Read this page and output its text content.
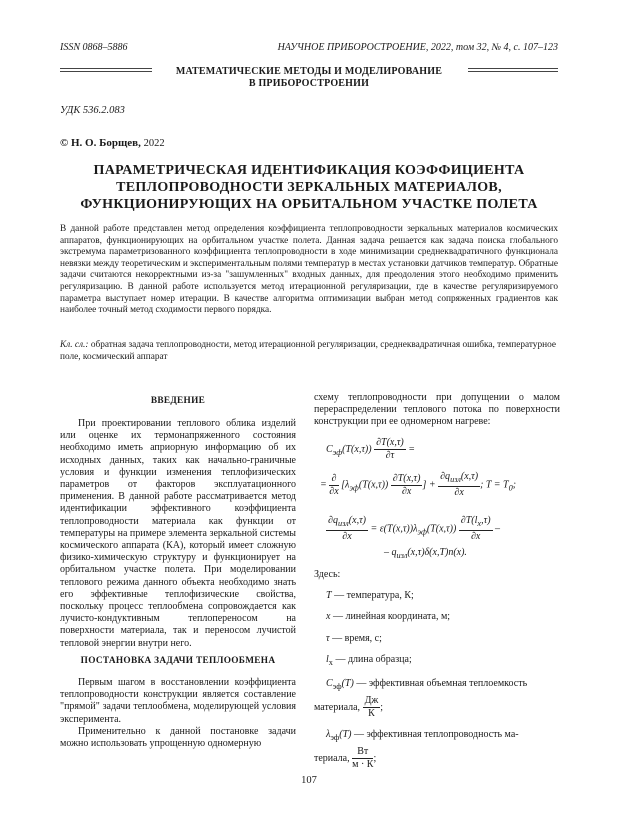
ISSN 0868–5886	НАУЧНОЕ ПРИБОРОСТРОЕНИЕ, 2022, том 32, № 4, с. 107–123
МАТЕМАТИЧЕСКИЕ МЕТОДЫ И МОДЕЛИРОВАНИЕ
В ПРИБОРОСТРОЕНИИ
УДК 536.2.083
© Н. О. Борщев, 2022
ПАРАМЕТРИЧЕСКАЯ ИДЕНТИФИКАЦИЯ КОЭФФИЦИЕНТА
ТЕПЛОПРОВОДНОСТИ ЗЕРКАЛЬНЫХ МАТЕРИАЛОВ,
ФУНКЦИОНИРУЮЩИХ НА ОРБИТАЛЬНОМ УЧАСТКЕ ПОЛЕТА
В данной работе представлен метод определения коэффициента теплопроводности зеркальных материалов космических аппаратов, функционирующих на орбитальном участке полета. Данная задача решается как задача поиска глобального экстремума параметризованного коэффициента теплопроводности в ходе минимизации среднеквадратичного функционала невязки между теоретическим и экспериментальным полями температур в местах установки датчиков температур. Обратные задачи считаются некорректными из-за "зашумленных" входных данных, для преодоления этого необходимо применить регуляризацию. В данной работе используется метод итерационной регуляризации, где в качестве регуляризируемого параметра выступает номер итерации. В качестве алгоритма оптимизации выбран метод сопряженных градиентов как наиболее точный метод сходимости первого порядка.
Кл. сл.: обратная задача теплопроводности, метод итерационной регуляризации, среднеквадратичная ошибка, температурное поле, космический аппарат
ВВЕДЕНИЕ

При проектировании теплового облика изделий или оценке их термонапряженного состояния необходимо иметь априорную информацию об их исходных данных, таких как начально-граничные условия и функции изменения теплофизических параметров от факторов эксплуатационного применения. В данной работе рассматривается метод идентификации эффективного коэффициента теплопроводности материала как функции от температуры на примере элемента зеркальной системы космического аппарата (КА), который имеет сложную физико-химическую структуру и функционирует на орбитальном участке полета. При моделировании теплового режима данного объекта необходимо знать его эффективные теплофизические свойства, поскольку процесс теплообмена сопровождается как лучисто-кондуктивным теплопереносом на поверхности материала, так и переносом лучистой тепловой энергии внутри него.

ПОСТАНОВКА ЗАДАЧИ ТЕПЛООБМЕНА

Первым шагом в восстановлении коэффициента теплопроводности конструкции является составление "прямой" задачи теплообмена, моделирующей условия эксперимента.

Применительно к данной постановке задачи можно использовать упрощенную одномерную

схему теплопроводности при допущении о малом перераспределении теплового потока по поверхности конструкции при ее одномерном нагреве:
$C_{эф}(T(x,\tau)) \frac{\partial T(x,\tau)}{\partial\tau}$ =
= $\frac{\partial}{\partial x} [\lambda_{эф}(T(x,\tau)) \frac{\partial T(x,\tau)}{\partial x}$ ] + $\frac{\partial q_{изл}(x,\tau)}{\partial x}$ ; $T = T_0$;
$\frac{\partial q_{изл}(x,\tau)}{\partial x} = \varepsilon(T(x,\tau))\lambda_{эф}(T(x,\tau)) \frac{\partial T(l_x,\tau)}{\partial x}$ –
– $q_{изл}(x,\tau)\delta(x,T)n(x)$.
Здесь:
T — температура, К;
x — линейная координата, м;
τ — время, с;
$l_x$ — длина образца;
$C_{эф}(T)$ — эффективная объемная теплоемкость
материала, $\frac{Дж}{К}$ ;
$\lambda_{эф}(T)$ — эффективная теплопроводность ма-
териала, $\frac{Вт}{м \cdot К}$ ;
107
